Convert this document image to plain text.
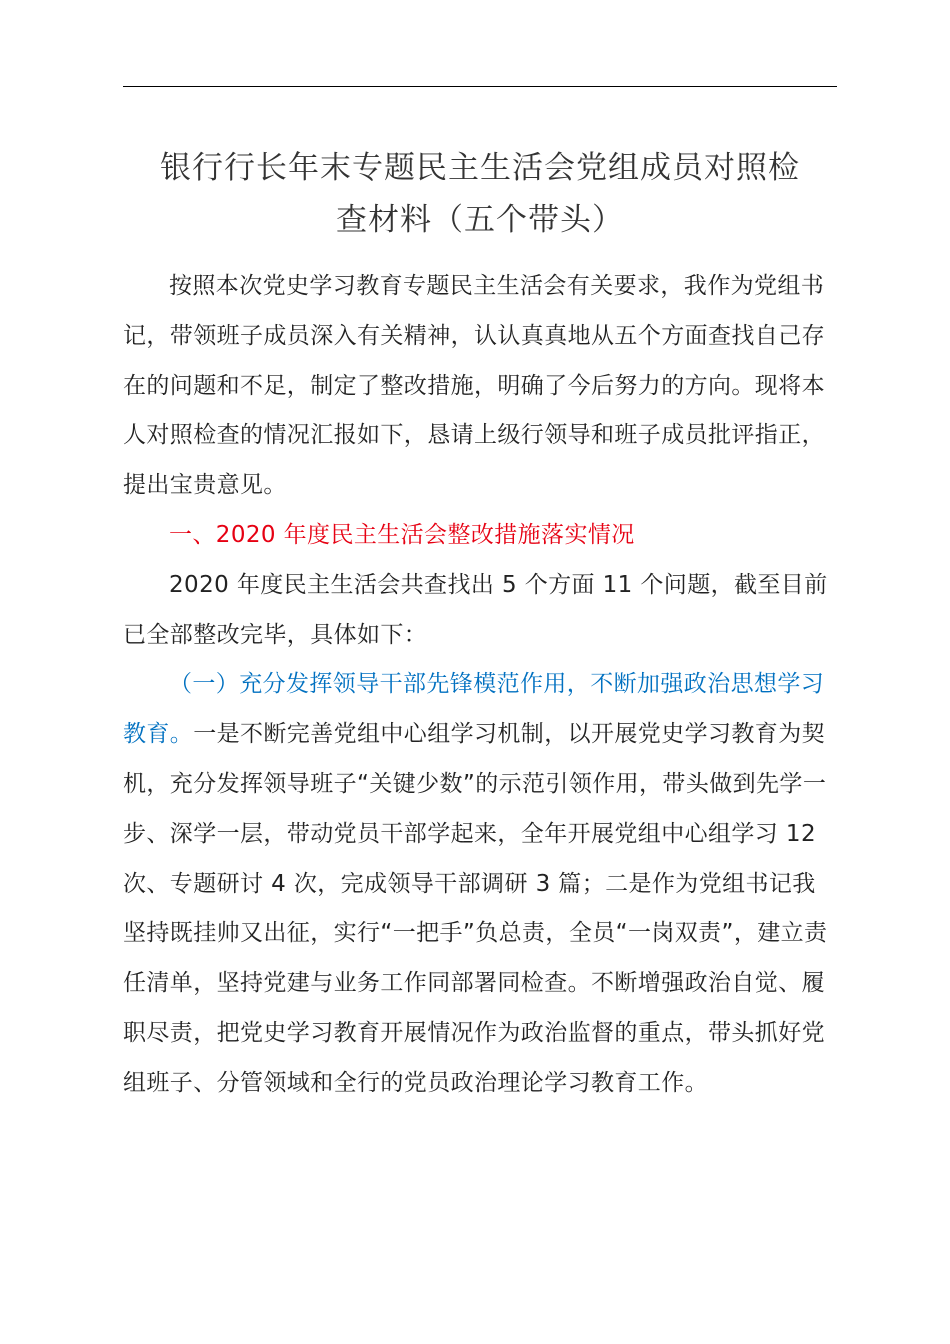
银行行长年末专题民主生活会党组成员对照检
查材料（五个带头）

按照本次党史学习教育专题民主生活会有关要求，我作为党组书记，带领班子成员深入有关精神，认认真真地从五个方面查找自己存在的问题和不足，制定了整改措施，明确了今后努力的方向。现将本人对照检查的情况汇报如下，恳请上级行领导和班子成员批评指正，提出宝贵意见。

一、2020 年度民主生活会整改措施落实情况

2020 年度民主生活会共查找出 5 个方面 11 个问题，截至目前已全部整改完毕，具体如下：

（一）充分发挥领导干部先锋模范作用，不断加强政治思想学习教育。一是不断完善党组中心组学习机制，以开展党史学习教育为契机，充分发挥领导班子“关键少数”的示范引领作用，带头做到先学一步、深学一层，带动党员干部学起来，全年开展党组中心组学习 12 次、专题研讨 4 次，完成领导干部调研 3 篇；二是作为党组书记我坚持既挂帅又出征，实行“一把手”负总责，全员“一岗双责”，建立责任清单，坚持党建与业务工作同部署同检查。不断增强政治自觉、履职尽责，把党史学习教育开展情况作为政治监督的重点，带头抓好党组班子、分管领域和全行的党员政治理论学习教育工作。
